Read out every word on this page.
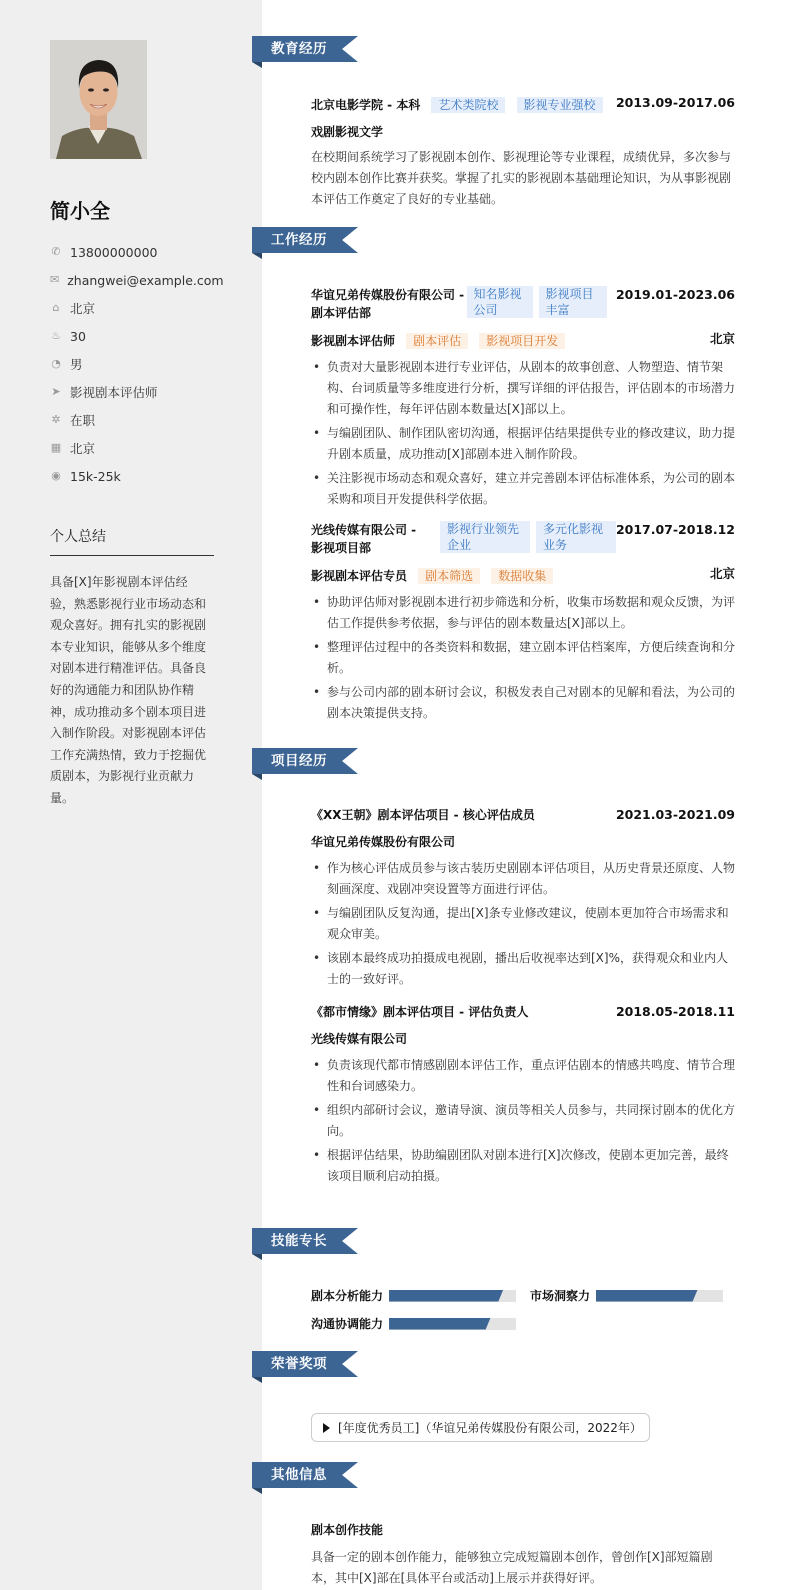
简小全
✆ 13800000000
✉ zhangwei@example.com
⌂ 北京
♨ 30
◔ 男
➤ 影视剧本评估师
✲ 在职
▦ 北京
◉ 15k-25k
个人总结
具备[X]年影视剧本评估经验，熟悉影视行业市场动态和观众喜好。拥有扎实的影视剧本专业知识，能够从多个维度对剧本进行精准评估。具备良好的沟通能力和团队协作精神，成功推动多个剧本项目进入制作阶段。对影视剧本评估工作充满热情，致力于挖掘优质剧本，为影视行业贡献力量。
教育经历
北京电影学院 - 本科 艺术类院校 影视专业强校	2013.09-2017.06
戏剧影视文学
在校期间系统学习了影视剧本创作、影视理论等专业课程，成绩优异，多次参与校内剧本创作比赛并获奖。掌握了扎实的影视剧本基础理论知识，为从事影视剧本评估工作奠定了良好的专业基础。
工作经历
华谊兄弟传媒股份有限公司 - 剧本评估部
知名影视公司
影视项目丰富
2019.01-2023.06
影视剧本评估师 剧本评估 影视项目开发	北京
• 负责对大量影视剧本进行专业评估，从剧本的故事创意、人物塑造、情节架构、台词质量等多维度进行分析，撰写详细的评估报告，评估剧本的市场潜力和可操作性，每年评估剧本数量达[X]部以上。
• 与编剧团队、制作团队密切沟通，根据评估结果提供专业的修改建议，助力提升剧本质量，成功推动[X]部剧本进入制作阶段。
• 关注影视市场动态和观众喜好，建立并完善剧本评估标准体系，为公司的剧本采购和项目开发提供科学依据。
光线传媒有限公司 - 影视项目部
影视行业领先企业
多元化影视业务
2017.07-2018.12
影视剧本评估专员 剧本筛选 数据收集	北京
• 协助评估师对影视剧本进行初步筛选和分析，收集市场数据和观众反馈，为评估工作提供参考依据，参与评估的剧本数量达[X]部以上。
• 整理评估过程中的各类资料和数据，建立剧本评估档案库，方便后续查询和分析。
• 参与公司内部的剧本研讨会议，积极发表自己对剧本的见解和看法，为公司的剧本决策提供支持。
项目经历
《XX王朝》剧本评估项目 - 核心评估成员	2021.03-2021.09
华谊兄弟传媒股份有限公司
• 作为核心评估成员参与该古装历史剧剧本评估项目，从历史背景还原度、人物刻画深度、戏剧冲突设置等方面进行评估。
• 与编剧团队反复沟通，提出[X]条专业修改建议，使剧本更加符合市场需求和观众审美。
• 该剧本最终成功拍摄成电视剧，播出后收视率达到[X]%，获得观众和业内人士的一致好评。
《都市情缘》剧本评估项目 - 评估负责人	2018.05-2018.11
光线传媒有限公司
• 负责该现代都市情感剧剧本评估工作，重点评估剧本的情感共鸣度、情节合理性和台词感染力。
• 组织内部研讨会议，邀请导演、演员等相关人员参与，共同探讨剧本的优化方向。
• 根据评估结果，协助编剧团队对剧本进行[X]次修改，使剧本更加完善，最终该项目顺利启动拍摄。
技能专长
剧本分析能力	市场洞察力
沟通协调能力
荣誉奖项
[年度优秀员工]（华谊兄弟传媒股份有限公司，2022年）
其他信息
剧本创作技能
具备一定的剧本创作能力，能够独立完成短篇剧本创作，曾创作[X]部短篇剧本，其中[X]部在[具体平台或活动]上展示并获得好评。
